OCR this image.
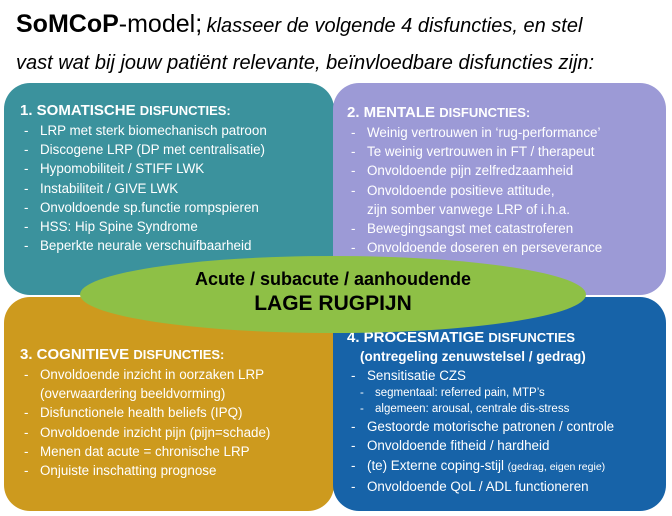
SoMCoP-model; klasseer de volgende 4 disfuncties, en stel
vast wat bij jouw patiënt relevante, beïnvloedbare disfuncties zijn:
1. SOMATISCHE DISFUNCTIES:
- LRP met sterk biomechanisch patroon
- Discogene LRP (DP met centralisatie)
- Hypomobiliteit / STIFF LWK
- Instabiliteit / GIVE LWK
- Onvoldoende sp.functie rompspieren
- HSS: Hip Spine Syndrome
- Beperkte neurale verschuifbaarheid
2. MENTALE DISFUNCTIES:
- Weinig vertrouwen in ‘rug-performance’
- Te weinig vertrouwen in FT / therapeut
- Onvoldoende pijn zelfredzaamheid
- Onvoldoende positieve attitude,
zijn somber vanwege LRP of i.h.a.
- Bewegingsangst met catastroferen
- Onvoldoende doseren en perseverance
3. COGNITIEVE DISFUNCTIES:
- Onvoldoende inzicht in oorzaken LRP
(overwaardering beeldvorming)
- Disfunctionele health beliefs (IPQ)
- Onvoldoende inzicht pijn (pijn=schade)
- Menen dat acute = chronische LRP
- Onjuiste inschatting prognose
4. PROCESMATIGE DISFUNCTIES
(ontregeling zenuwstelsel / gedrag)
- Sensitisatie CZS
- segmentaal: referred pain, MTP’s
- algemeen: arousal, centrale dis-stress
- Gestoorde motorische patronen / controle
- Onvoldoende fitheid / hardheid
- (te) Externe coping-stijl (gedrag, eigen regie)
- Onvoldoende QoL / ADL functioneren
Acute / subacute / aanhoudende
LAGE RUGPIJN
